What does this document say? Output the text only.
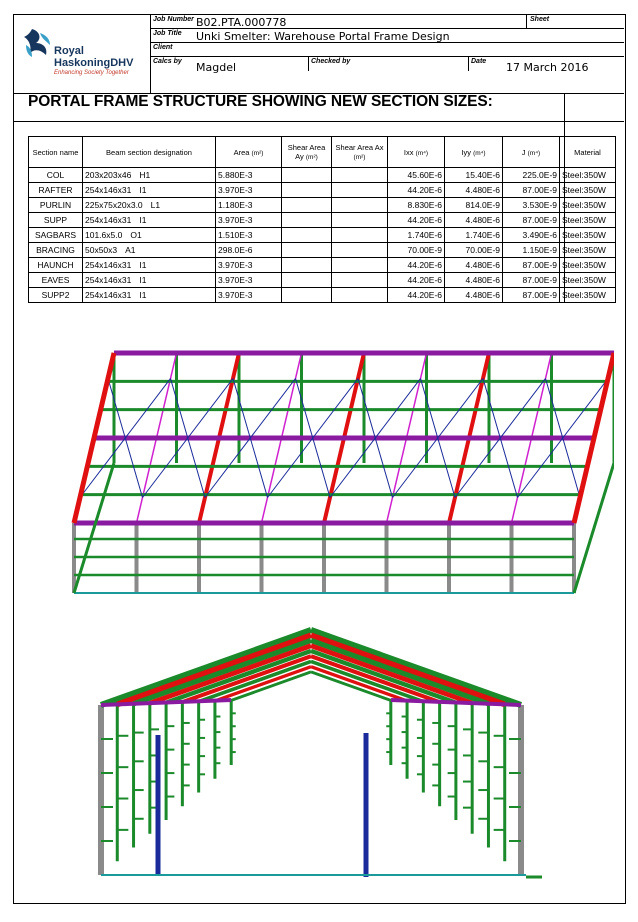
Royal
HaskoningDHV
Enhancing Society Together
Job Number B02.PTA.000778	Sheet
Job Title Unki Smelter: Warehouse Portal Frame Design
Client
Calcs by Magdel	Checked by	Date 17 March 2016
PORTAL FRAME STRUCTURE SHOWING NEW SECTION SIZES:
Section name	Beam section designation	Area (m²)	Shear Area Ay (m²)	Shear Area Ax (m²)	Ixx (m⁴)	Iyy (m⁴)	J (m⁴)	Material
COL	203x203x46 H1	5.880E-3			45.60E-6	15.40E-6	225.0E-9	Steel:350W
RAFTER	254x146x31 I1	3.970E-3			44.20E-6	4.480E-6	87.00E-9	Steel:350W
PURLIN	225x75x20x3.0 L1	1.180E-3			8.830E-6	814.0E-9	3.530E-9	Steel:350W
SUPP	254x146x31 I1	3.970E-3			44.20E-6	4.480E-6	87.00E-9	Steel:350W
SAGBARS	101.6x5.0 O1	1.510E-3			1.740E-6	1.740E-6	3.490E-6	Steel:350W
BRACING	50x50x3 A1	298.0E-6			70.00E-9	70.00E-9	1.150E-9	Steel:350W
HAUNCH	254x146x31 I1	3.970E-3			44.20E-6	4.480E-6	87.00E-9	Steel:350W
EAVES	254x146x31 I1	3.970E-3			44.20E-6	4.480E-6	87.00E-9	Steel:350W
SUPP2	254x146x31 I1	3.970E-3			44.20E-6	4.480E-6	87.00E-9	Steel:350W
